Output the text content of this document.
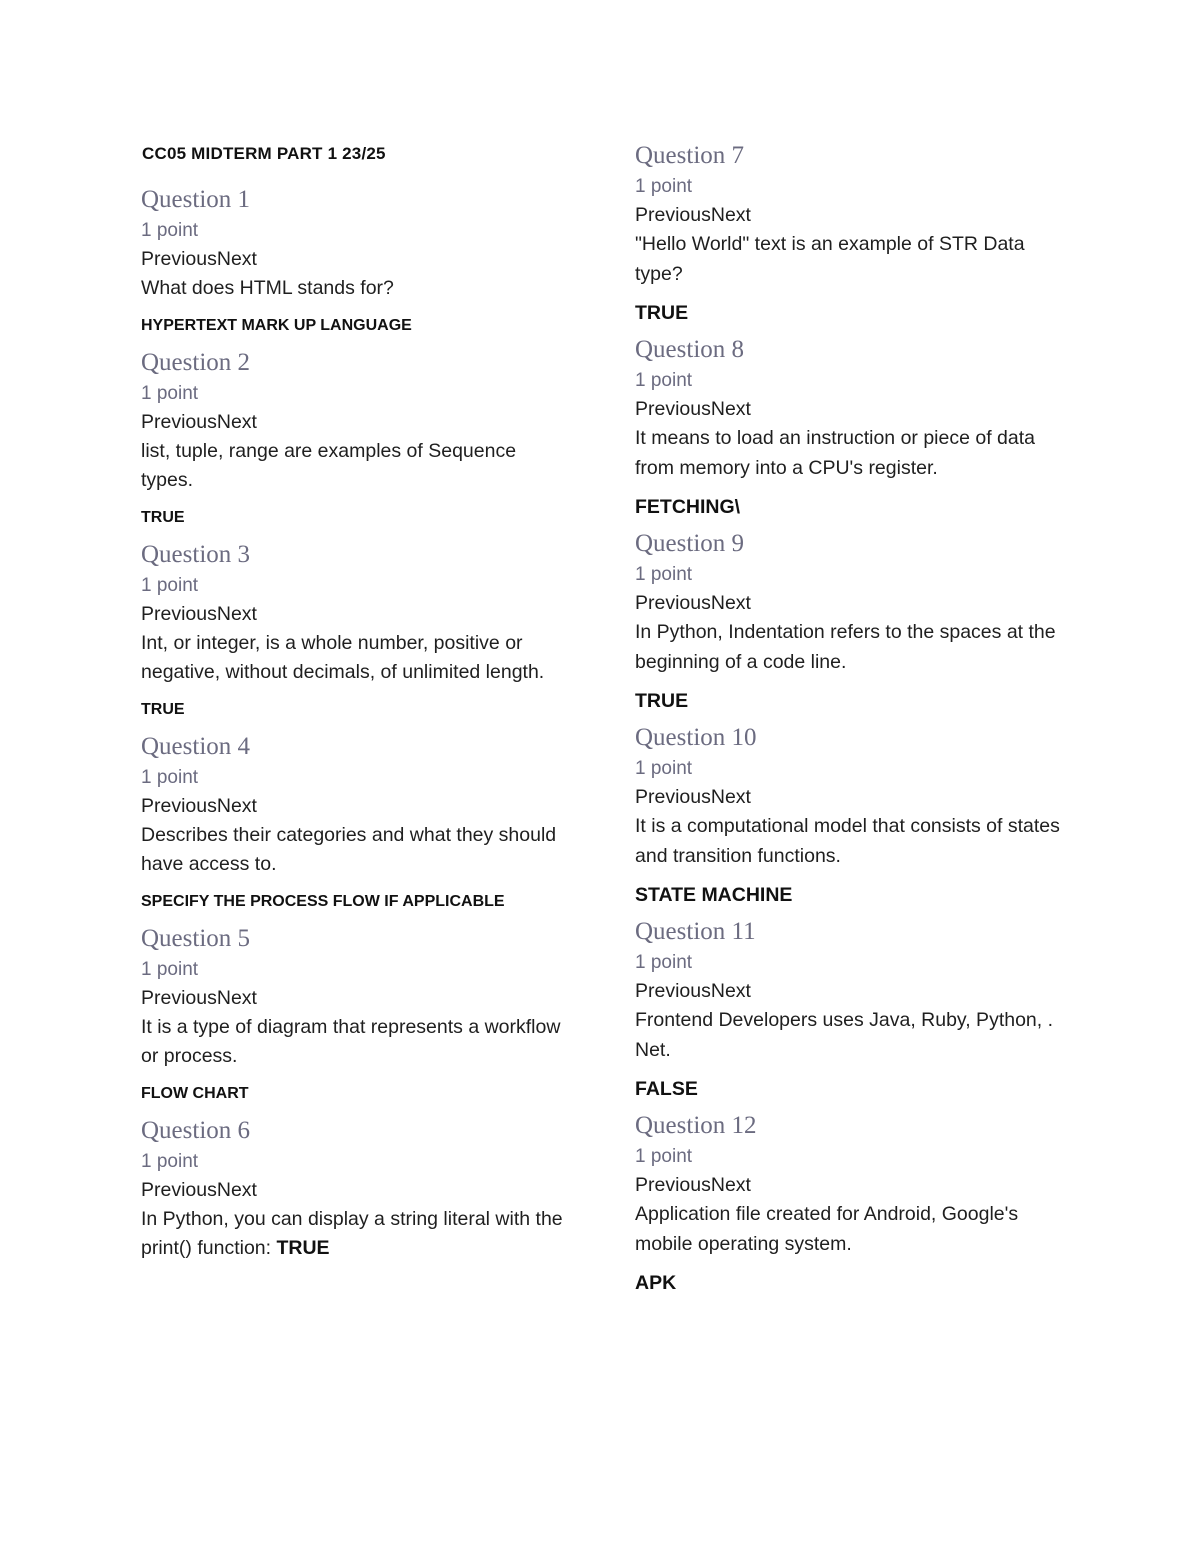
CC05 MIDTERM PART 1 23/25
Question 1
1 point
PreviousNext
What does HTML stands for?
HYPERTEXT MARK UP LANGUAGE
Question 2
1 point
PreviousNext
list, tuple, range are examples of Sequence types.
TRUE
Question 3
1 point
PreviousNext
Int, or integer, is a whole number, positive or negative, without decimals, of unlimited length.
TRUE
Question 4
1 point
PreviousNext
Describes their categories and what they should have access to.
SPECIFY THE PROCESS FLOW IF APPLICABLE
Question 5
1 point
PreviousNext
It is a type of diagram that represents a workflow or process.
FLOW CHART
Question 6
1 point
PreviousNext
In Python, you can display a string literal with the print() function: TRUE
Question 7
1 point
PreviousNext
"Hello World" text is an example of STR Data type?
TRUE
Question 8
1 point
PreviousNext
It means to load an instruction or piece of data from memory into a CPU's register.
FETCHING\
Question 9
1 point
PreviousNext
In Python, Indentation refers to the spaces at the beginning of a code line.
TRUE
Question 10
1 point
PreviousNext
It is a computational model that consists of states and transition functions.
STATE MACHINE
Question 11
1 point
PreviousNext
Frontend Developers uses Java, Ruby, Python, . Net.
FALSE
Question 12
1 point
PreviousNext
Application file created for Android, Google's mobile operating system.
APK
